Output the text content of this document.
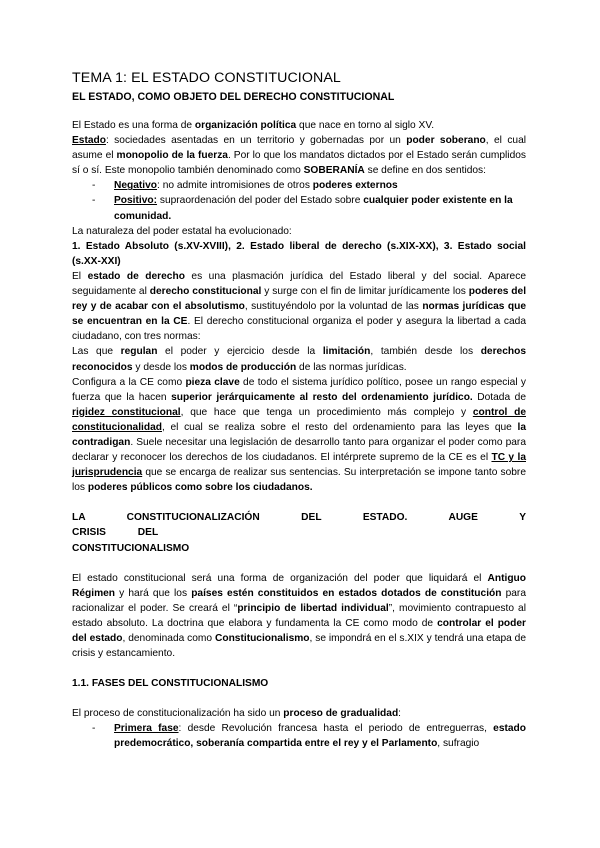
TEMA 1: EL ESTADO CONSTITUCIONAL
EL ESTADO, COMO OBJETO DEL DERECHO CONSTITUCIONAL

El Estado es una forma de organización política que nace en torno al siglo XV.

Estado: sociedades asentadas en un territorio y gobernadas por un poder soberano, el cual asume el monopolio de la fuerza. Por lo que los mandatos dictados por el Estado serán cumplidos sí o sí. Este monopolio también denominado como SOBERANÍA se define en dos sentidos:

-	Negativo: no admite intromisiones de otros poderes externos
-	Positivo: supraordenación del poder del Estado sobre cualquier poder existente en la comunidad.

La naturaleza del poder estatal ha evolucionado:

1. Estado Absoluto (s.XV-XVIII), 2. Estado liberal de derecho (s.XIX-XX), 3. Estado social (s.XX-XXI)

El estado de derecho es una plasmación jurídica del Estado liberal y del social. Aparece seguidamente al derecho constitucional y surge con el fin de limitar jurídicamente los poderes del rey y de acabar con el absolutismo, sustituyéndolo por la voluntad de las normas jurídicas que se encuentran en la CE. El derecho constitucional organiza el poder y asegura la libertad a cada ciudadano, con tres normas:

Las que regulan el poder y ejercicio desde la limitación, también desde los derechos reconocidos y desde los modos de producción de las normas jurídicas.

Configura a la CE como pieza clave de todo el sistema jurídico político, posee un rango especial y fuerza que la hacen superior jerárquicamente al resto del ordenamiento jurídico. Dotada de rigidez constitucional, que hace que tenga un procedimiento más complejo y control de constitucionalidad, el cual se realiza sobre el resto del ordenamiento para las leyes que la contradigan. Suele necesitar una legislación de desarrollo tanto para organizar el poder como para declarar y reconocer los derechos de los ciudadanos. El intérprete supremo de la CE es el TC y la jurisprudencia que se encarga de realizar sus sentencias. Su interpretación se impone tanto sobre los poderes públicos como sobre los ciudadanos.

LA CONSTITUCIONALIZACIÓN DEL ESTADO. AUGE Y CRISIS DEL

CONSTITUCIONALISMO

El estado constitucional será una forma de organización del poder que liquidará el Antiguo Régimen y hará que los países estén constituidos en estados dotados de constitución para racionalizar el poder. Se creará el “principio de libertad individual”, movimiento contrapuesto al estado absoluto. La doctrina que elabora y fundamenta la CE como modo de controlar el poder del estado, denominada como Constitucionalismo, se impondrá en el s.XIX y tendrá una etapa de crisis y estancamiento.

1.1. FASES DEL CONSTITUCIONALISMO

El proceso de constitucionalización ha sido un proceso de gradualidad:

-	Primera fase: desde Revolución francesa hasta el periodo de entreguerras, estado predemocrático, soberanía compartida entre el rey y el Parlamento, sufragio
